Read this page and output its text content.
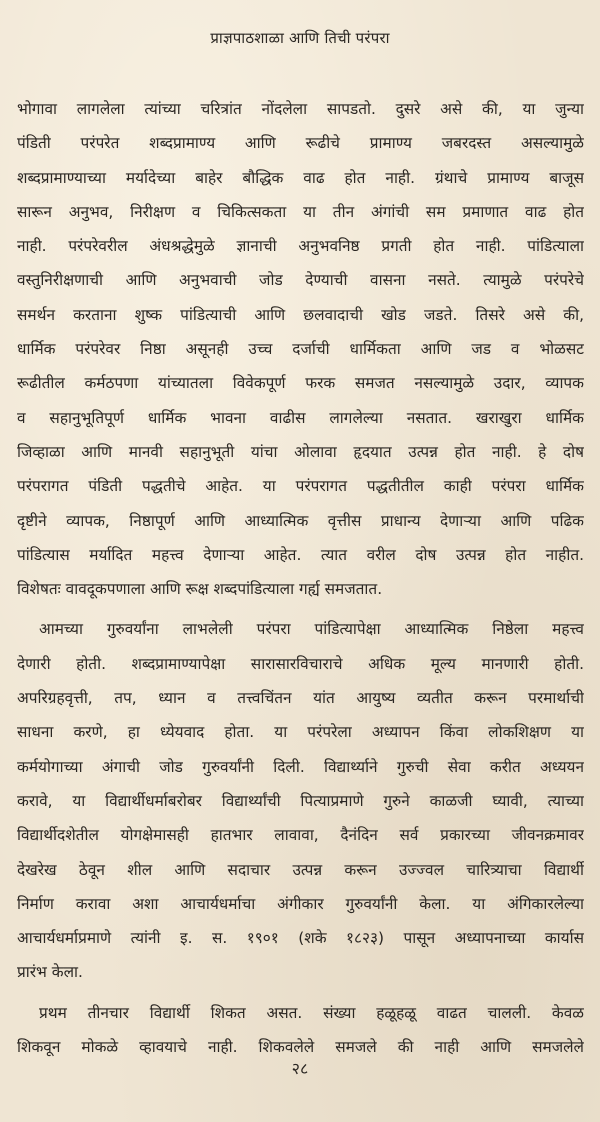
प्राज्ञपाठशाळा आणि तिची परंपरा
भोगावा लागलेला त्यांच्या चरित्रांत नोंदलेला सापडतो. दुसरे असे की, या जुन्या
पंडिती परंपरेत शब्दप्रामाण्य आणि रूढीचे प्रामाण्य जबरदस्त असल्यामुळे
शब्दप्रामाण्याच्या मर्यादेच्या बाहेर बौद्धिक वाढ होत नाही. ग्रंथाचे प्रामाण्य बाजूस
सारून अनुभव, निरीक्षण व चिकित्सकता या तीन अंगांची सम प्रमाणात वाढ होत
नाही. परंपरेवरील अंधश्रद्धेमुळे ज्ञानाची अनुभवनिष्ठ प्रगती होत नाही. पांडित्याला
वस्तुनिरीक्षणाची आणि अनुभवाची जोड देण्याची वासना नसते. त्यामुळे परंपरेचे
समर्थन करताना शुष्क पांडित्याची आणि छलवादाची खोड जडते. तिसरे असे की,
धार्मिक परंपरेवर निष्ठा असूनही उच्च दर्जाची धार्मिकता आणि जड व भोळसट
रूढीतील कर्मठपणा यांच्यातला विवेकपूर्ण फरक समजत नसल्यामुळे उदार, व्यापक
व सहानुभूतिपूर्ण धार्मिक भावना वाढीस लागलेल्या नसतात. खराखुरा धार्मिक
जिव्हाळा आणि मानवी सहानुभूती यांचा ओलावा हृदयात उत्पन्न होत नाही. हे दोष
परंपरागत पंडिती पद्धतीचे आहेत. या परंपरागत पद्धतीतील काही परंपरा धार्मिक
दृष्टीने व्यापक, निष्ठापूर्ण आणि आध्यात्मिक वृत्तीस प्राधान्य देणाऱ्या आणि पढिक
पांडित्यास मर्यादित महत्त्व देणाऱ्या आहेत. त्यात वरील दोष उत्पन्न होत नाहीत.
विशेषतः वावदूकपणाला आणि रूक्ष शब्दपांडित्याला गर्ह्य समजतात.
आमच्या गुरुवर्यांना लाभलेली परंपरा पांडित्यापेक्षा आध्यात्मिक निष्ठेला महत्त्व
देणारी होती. शब्दप्रामाण्यापेक्षा सारासारविचाराचे अधिक मूल्य मानणारी होती.
अपरिग्रहवृत्ती, तप, ध्यान व तत्त्वचिंतन यांत आयुष्य व्यतीत करून परमार्थाची
साधना करणे, हा ध्येयवाद होता. या परंपरेला अध्यापन किंवा लोकशिक्षण या
कर्मयोगाच्या अंगाची जोड गुरुवर्यांनी दिली. विद्यार्थ्याने गुरुची सेवा करीत अध्ययन
करावे, या विद्यार्थीधर्माबरोबर विद्यार्थ्यांची पित्याप्रमाणे गुरुने काळजी घ्यावी, त्याच्या
विद्यार्थीदशेतील योगक्षेमासही हातभार लावावा, दैनंदिन सर्व प्रकारच्या जीवनक्रमावर
देखरेख ठेवून शील आणि सदाचार उत्पन्न करून उज्ज्वल चारित्र्याचा विद्यार्थी
निर्माण करावा अशा आचार्यधर्माचा अंगीकार गुरुवर्यांनी केला. या अंगिकारलेल्या
आचार्यधर्माप्रमाणे त्यांनी इ. स. १९०१ (शके १८२३) पासून अध्यापनाच्या कार्यास
प्रारंभ केला.
प्रथम तीनचार विद्यार्थी शिकत असत. संख्या हळूहळू वाढत चालली. केवळ
शिकवून मोकळे व्हावयाचे नाही. शिकवलेले समजले की नाही आणि समजलेले
२८
